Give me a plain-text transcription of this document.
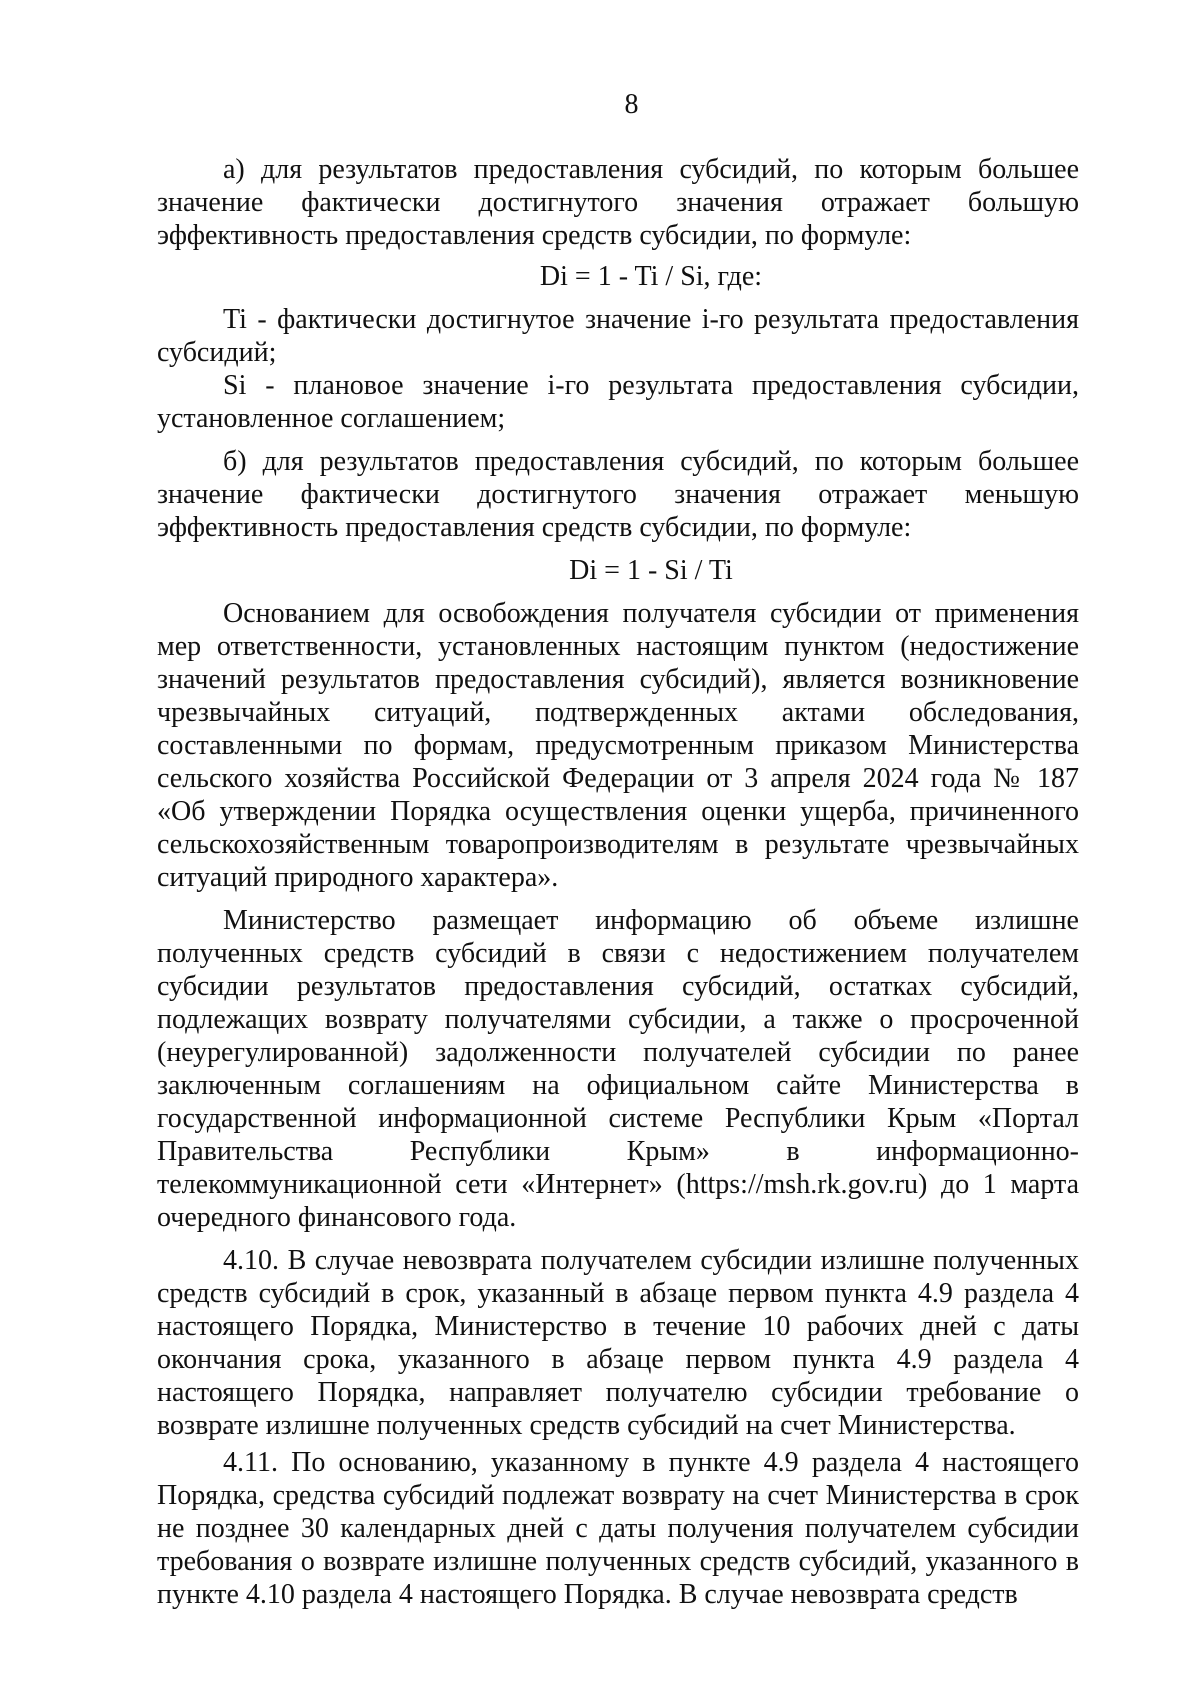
8

а) для результатов предоставления субсидий, по которым большее значение фактически достигнутого значения отражает большую эффективность предоставления средств субсидии, по формуле:

Di = 1 - Ti / Si, где:

Ti - фактически достигнутое значение i-го результата предоставления субсидий;

Si - плановое значение i-го результата предоставления субсидии, установленное соглашением;

б) для результатов предоставления субсидий, по которым большее значение фактически достигнутого значения отражает меньшую эффективность предоставления средств субсидии, по формуле:

Di = 1 - Si / Ti

Основанием для освобождения получателя субсидии от применения мер ответственности, установленных настоящим пунктом (недостижение значений результатов предоставления субсидий), является возникновение чрезвычайных ситуаций, подтвержденных актами обследования, составленными по формам, предусмотренным приказом Министерства сельского хозяйства Российской Федерации от 3 апреля 2024 года № 187 «Об утверждении Порядка осуществления оценки ущерба, причиненного сельскохозяйственным товаропроизводителям в результате чрезвычайных ситуаций природного характера».

Министерство размещает информацию об объеме излишне полученных средств субсидий в связи с недостижением получателем субсидии результатов предоставления субсидий, остатках субсидий, подлежащих возврату получателями субсидии, а также о просроченной (неурегулированной) задолженности получателей субсидии по ранее заключенным соглашениям на официальном сайте Министерства в государственной информационной системе Республики Крым «Портал Правительства Республики Крым» в информационно-телекоммуникационной сети «Интернет» (https://msh.rk.gov.ru) до 1 марта очередного финансового года.

4.10. В случае невозврата получателем субсидии излишне полученных средств субсидий в срок, указанный в абзаце первом пункта 4.9 раздела 4 настоящего Порядка, Министерство в течение 10 рабочих дней с даты окончания срока, указанного в абзаце первом пункта 4.9 раздела 4 настоящего Порядка, направляет получателю субсидии требование о возврате излишне полученных средств субсидий на счет Министерства.

4.11. По основанию, указанному в пункте 4.9 раздела 4 настоящего Порядка, средства субсидий подлежат возврату на счет Министерства в срок не позднее 30 календарных дней с даты получения получателем субсидии требования о возврате излишне полученных средств субсидий, указанного в пункте 4.10 раздела 4 настоящего Порядка. В случае невозврата средств
